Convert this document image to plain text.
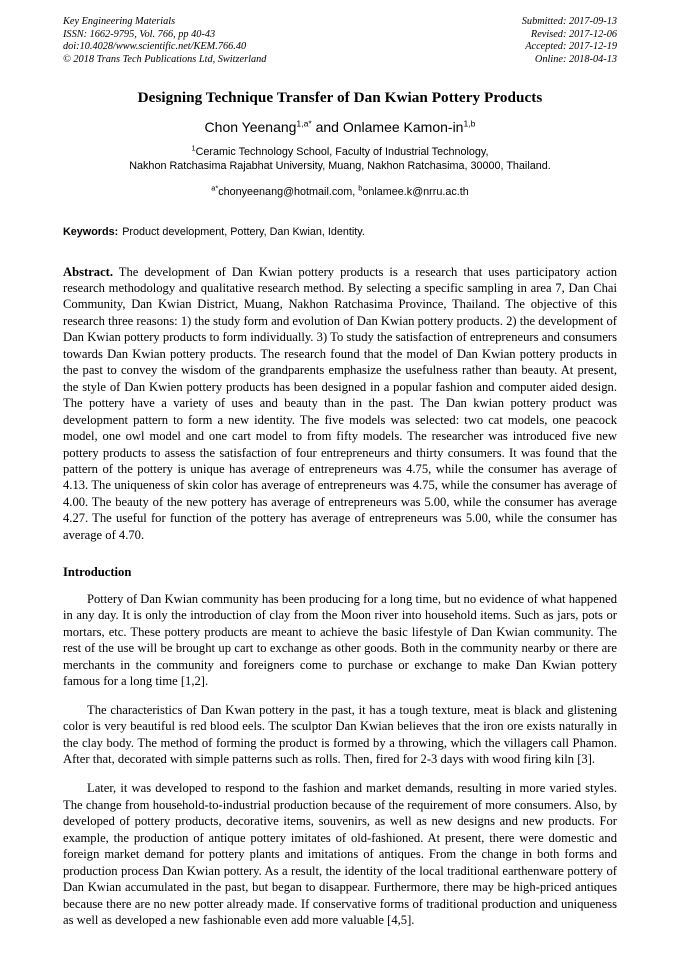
Key Engineering Materials
ISSN: 1662-9795, Vol. 766, pp 40-43
doi:10.4028/www.scientific.net/KEM.766.40
© 2018 Trans Tech Publications Ltd, Switzerland
Submitted: 2017-09-13
Revised: 2017-12-06
Accepted: 2017-12-19
Online: 2018-04-13
Designing Technique Transfer of Dan Kwian Pottery Products
Chon Yeenang$^{1,a*}$ and Onlamee Kamon-in$^{1,b}$
$^1$Ceramic Technology School, Faculty of Industrial Technology,
Nakhon Ratchasima Rajabhat University, Muang, Nakhon Ratchasima, 30000, Thailand.
$^{a*}$chonyeenang@hotmail.com, $^b$onlamee.k@nrru.ac.th
Keywords: Product development, Pottery, Dan Kwian, Identity.
Abstract. The development of Dan Kwian pottery products is a research that uses participatory action research methodology and qualitative research method. By selecting a specific sampling in area 7, Dan Chai Community, Dan Kwian District, Muang, Nakhon Ratchasima Province, Thailand. The objective of this research three reasons: 1) the study form and evolution of Dan Kwian pottery products. 2) the development of Dan Kwian pottery products to form individually. 3) To study the satisfaction of entrepreneurs and consumers towards Dan Kwian pottery products. The research found that the model of Dan Kwian pottery products in the past to convey the wisdom of the grandparents emphasize the usefulness rather than beauty. At present, the style of Dan Kwien pottery products has been designed in a popular fashion and computer aided design. The pottery have a variety of uses and beauty than in the past. The Dan kwian pottery product was development pattern to form a new identity. The five models was selected: two cat models, one peacock model, one owl model and one cart model to from fifty models. The researcher was introduced five new pottery products to assess the satisfaction of four entrepreneurs and thirty consumers. It was found that the pattern of the pottery is unique has average of entrepreneurs was 4.75, while the consumer has average of 4.13. The uniqueness of skin color has average of entrepreneurs was 4.75, while the consumer has average of 4.00. The beauty of the new pottery has average of entrepreneurs was 5.00, while the consumer has average 4.27. The useful for function of the pottery has average of entrepreneurs was 5.00, while the consumer has average of 4.70.
Introduction

Pottery of Dan Kwian community has been producing for a long time, but no evidence of what happened in any day. It is only the introduction of clay from the Moon river into household items. Such as jars, pots or mortars, etc. These pottery products are meant to achieve the basic lifestyle of Dan Kwian community. The rest of the use will be brought up cart to exchange as other goods. Both in the community nearby or there are merchants in the community and foreigners come to purchase or exchange to make Dan Kwian pottery famous for a long time [1,2].

The characteristics of Dan Kwan pottery in the past, it has a tough texture, meat is black and glistening color is very beautiful is red blood eels. The sculptor Dan Kwian believes that the iron ore exists naturally in the clay body. The method of forming the product is formed by a throwing, which the villagers call Phamon. After that, decorated with simple patterns such as rolls. Then, fired for 2-3 days with wood firing kiln [3].

Later, it was developed to respond to the fashion and market demands, resulting in more varied styles. The change from household-to-industrial production because of the requirement of more consumers. Also, by developed of pottery products, decorative items, souvenirs, as well as new designs and new products. For example, the production of antique pottery imitates of old-fashioned. At present, there were domestic and foreign market demand for pottery plants and imitations of antiques. From the change in both forms and production process Dan Kwian pottery. As a result, the identity of the local traditional earthenware pottery of Dan Kwian accumulated in the past, but began to disappear. Furthermore, there may be high-priced antiques because there are no new potter already made. If conservative forms of traditional production and uniqueness as well as developed a new fashionable even add more valuable [4,5].
